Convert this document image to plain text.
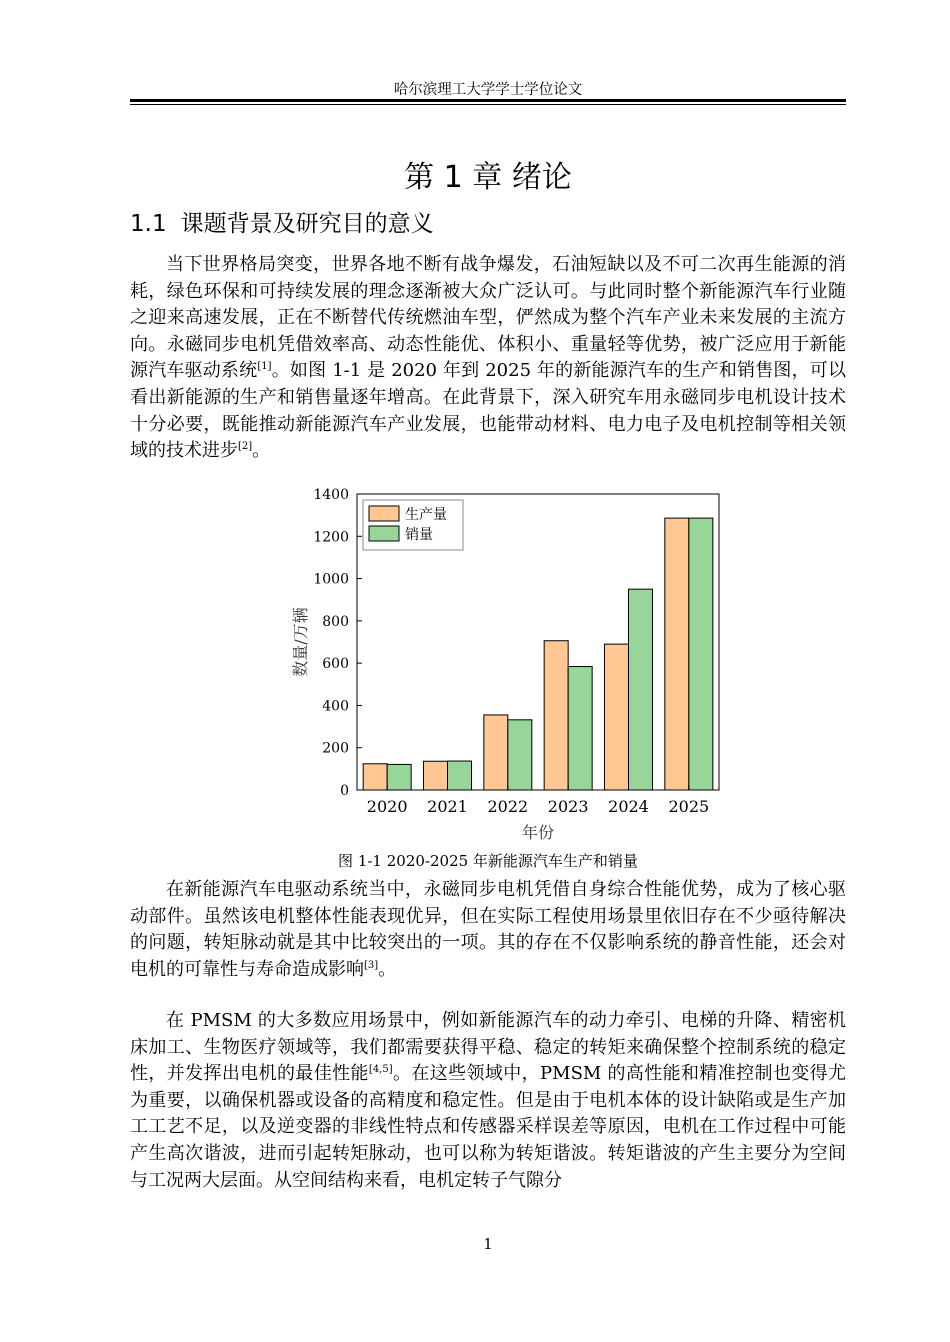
哈尔滨理工大学学士学位论文
第 1 章 绪论
1.1 课题背景及研究目的意义

当下世界格局突变，世界各地不断有战争爆发，石油短缺以及不可二次再生能源的消耗，绿色环保和可持续发展的理念逐渐被大众广泛认可。与此同时整个新能源汽车行业随之迎来高速发展，正在不断替代传统燃油车型，俨然成为整个汽车产业未来发展的主流方向。永磁同步电机凭借效率高、动态性能优、体积小、重量轻等优势，被广泛应用于新能源汽车驱动系统[1]。如图 1-1 是 2020 年到 2025 年的新能源汽车的生产和销售图，可以看出新能源的生产和销售量逐年增高。在此背景下，深入研究车用永磁同步电机设计技术十分必要，既能推动新能源汽车产业发展，也能带动材料、电力电子及电机控制等相关领域的技术进步[2]。

2020 2021 2022 2023 2024 2025
0
200
400
600
800
1000
1200
1400
年份
数量/万辆
生产量
销量
图 1-1 2020-2025 年新能源汽车生产和销量

在新能源汽车电驱动系统当中，永磁同步电机凭借自身综合性能优势，成为了核心驱动部件。虽然该电机整体性能表现优异，但在实际工程使用场景里依旧存在不少亟待解决的问题，转矩脉动就是其中比较突出的一项。其的存在不仅影响系统的静音性能，还会对电机的可靠性与寿命造成影响[3]。

在 PMSM 的大多数应用场景中，例如新能源汽车的动力牵引、电梯的升降、精密机床加工、生物医疗领域等，我们都需要获得平稳、稳定的转矩来确保整个控制系统的稳定性，并发挥出电机的最佳性能[4,5]。在这些领域中，PMSM 的高性能和精准控制也变得尤为重要，以确保机器或设备的高精度和稳定性。但是由于电机本体的设计缺陷或是生产加工工艺不足，以及逆变器的非线性特点和传感器采样误差等原因，电机在工作过程中可能产生高次谐波，进而引起转矩脉动，也可以称为转矩谐波。转矩谐波的产生主要分为空间与工况两大层面。从空间结构来看，电机定转子气隙分

1
